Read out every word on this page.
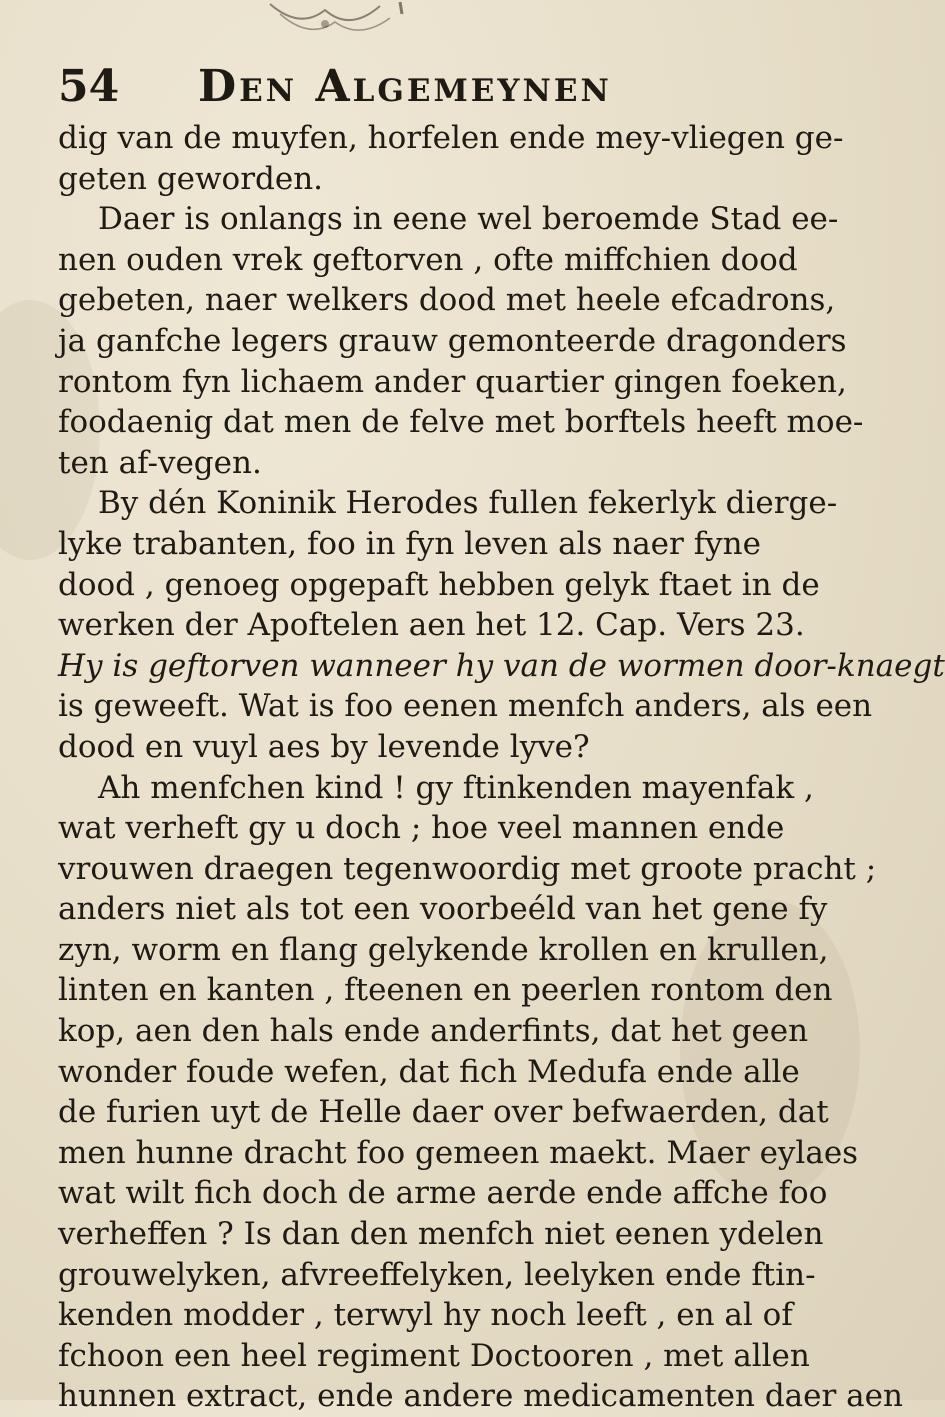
54	Den Algemeynen
dig van de muyfen, horfelen ende mey-vliegen ge-
geten geworden.
Daer is onlangs in eene wel beroemde Stad ee-
nen ouden vrek geftorven , ofte miffchien dood
gebeten, naer welkers dood met heele efcadrons,
ja ganfche legers grauw gemonteerde dragonders
rontom fyn lichaem ander quartier gingen foeken,
foodaenig dat men de felve met borftels heeft moe-
ten af-vegen.
By dén Koninik Herodes fullen fekerlyk dierge-
lyke trabanten, foo in fyn leven als naer fyne
dood , genoeg opgepaft hebben gelyk ftaet in de
werken der Apoftelen aen het 12. Cap. Vers 23.
Hy is geftorven wanneer hy van de wormen door-knaegt
is geweeft. Wat is foo eenen menfch anders, als een
dood en vuyl aes by levende lyve?
Ah menfchen kind ! gy ftinkenden mayenfak ,
wat verheft gy u doch ; hoe veel mannen ende
vrouwen draegen tegenwoordig met groote pracht ;
anders niet als tot een voorbeéld van het gene fy
zyn, worm en flang gelykende krollen en krullen,
linten en kanten , fteenen en peerlen rontom den
kop, aen den hals ende anderfints, dat het geen
wonder foude wefen, dat fich Medufa ende alle
de furien uyt de Helle daer over befwaerden, dat
men hunne dracht foo gemeen maekt. Maer eylaes
wat wilt fich doch de arme aerde ende affche foo
verheffen ? Is dan den menfch niet eenen ydelen
grouwelyken, afvreeffelyken, leelyken ende ftin-
kenden modder , terwyl hy noch leeft , en al of
fchoon een heel regiment Doctooren , met allen
hunnen extract, ende andere medicamenten daer aen
